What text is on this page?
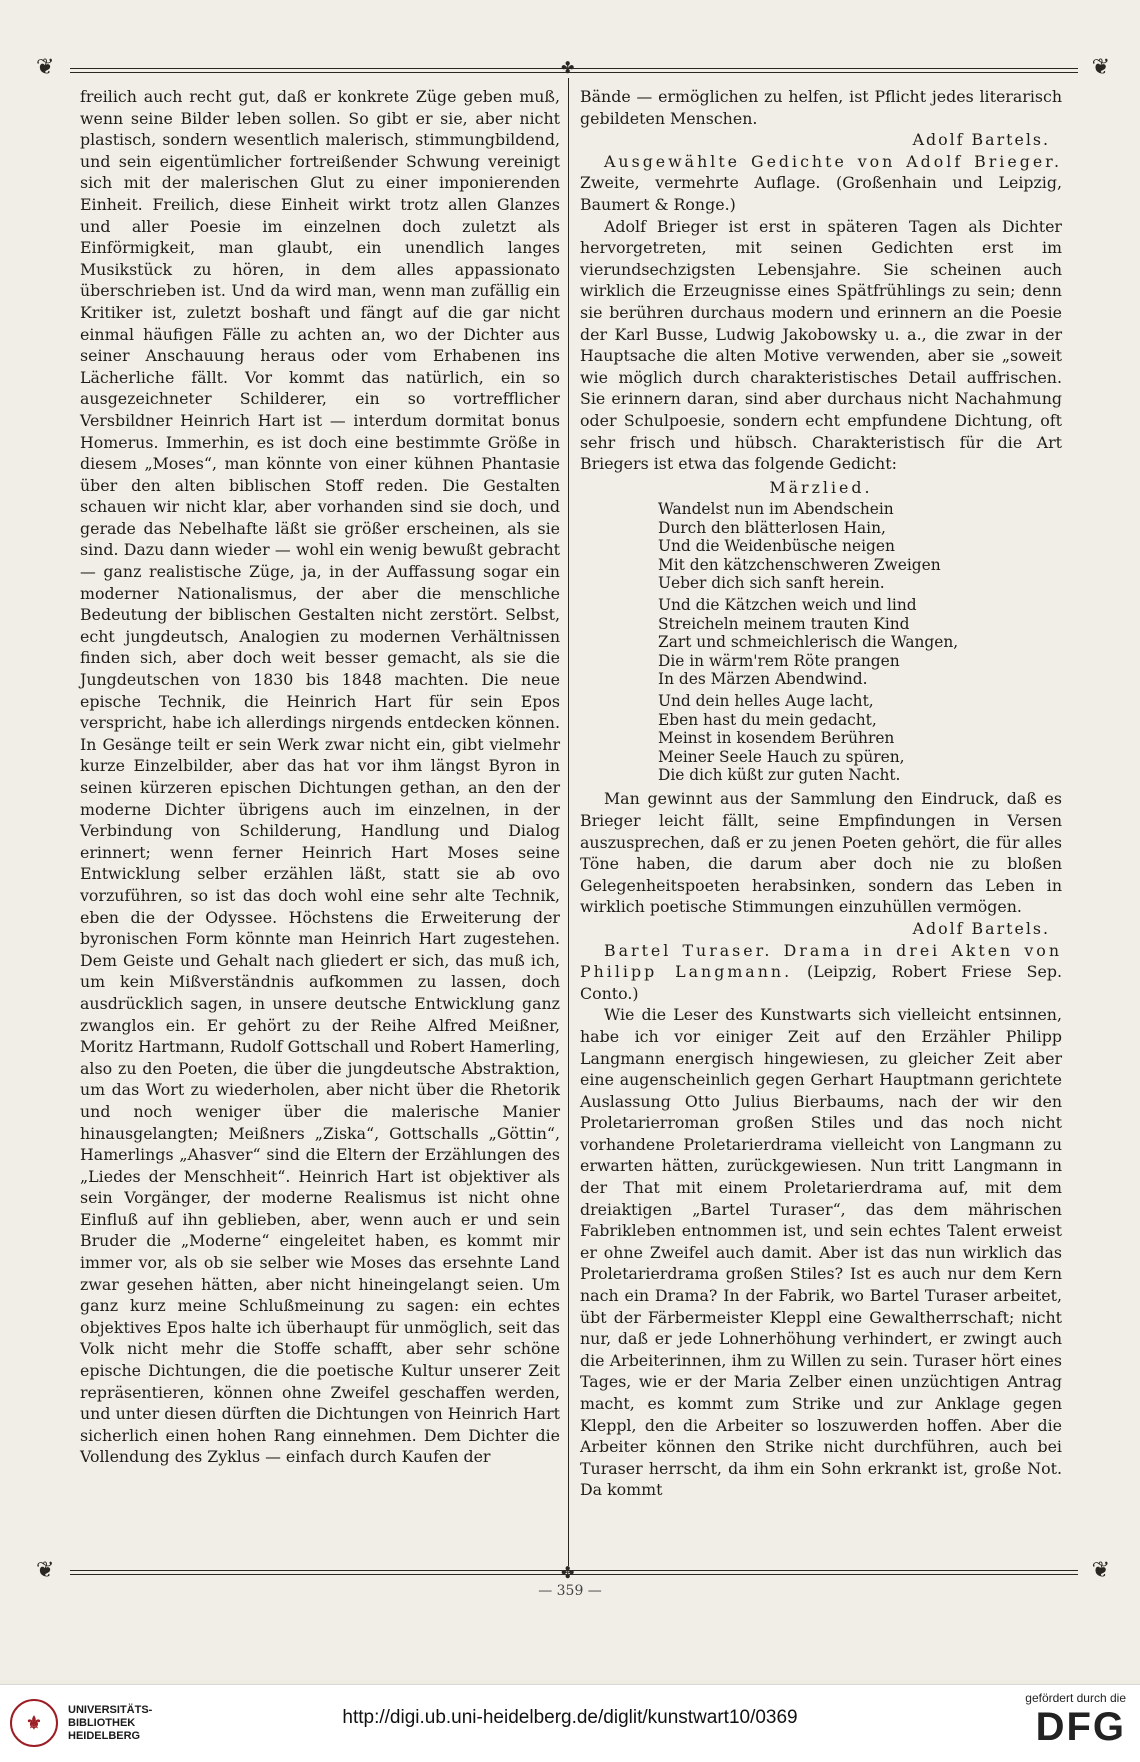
❦	❦
❦	❦
✤
✤

freilich auch recht gut, daß er konkrete Züge geben muß, wenn seine Bilder leben sollen. So gibt er sie, aber nicht plastisch, sondern wesentlich malerisch, stimmungbildend, und sein eigentümlicher fortreißender Schwung vereinigt sich mit der malerischen Glut zu einer imponierenden Einheit. Freilich, diese Einheit wirkt trotz allen Glanzes und aller Poesie im einzelnen doch zuletzt als Einförmigkeit, man glaubt, ein unendlich langes Musikstück zu hören, in dem alles appassionato überschrieben ist. Und da wird man, wenn man zufällig ein Kritiker ist, zuletzt boshaft und fängt auf die gar nicht einmal häufigen Fälle zu achten an, wo der Dichter aus seiner Anschauung heraus oder vom Erhabenen ins Lächerliche fällt. Vor kommt das natürlich, ein so ausgezeichneter Schilderer, ein so vortrefflicher Versbildner Heinrich Hart ist — interdum dormitat bonus Homerus. Immerhin, es ist doch eine bestimmte Größe in diesem „Moses“, man könnte von einer kühnen Phantasie über den alten biblischen Stoff reden. Die Gestalten schauen wir nicht klar, aber vorhanden sind sie doch, und gerade das Nebelhafte läßt sie größer erscheinen, als sie sind. Dazu dann wieder — wohl ein wenig bewußt gebracht — ganz realistische Züge, ja, in der Auffassung sogar ein moderner Nationalismus, der aber die menschliche Bedeutung der biblischen Gestalten nicht zerstört. Selbst, echt jungdeutsch, Analogien zu modernen Verhältnissen finden sich, aber doch weit besser gemacht, als sie die Jungdeutschen von 1830 bis 1848 machten. Die neue epische Technik, die Heinrich Hart für sein Epos verspricht, habe ich allerdings nirgends entdecken können. In Gesänge teilt er sein Werk zwar nicht ein, gibt vielmehr kurze Einzelbilder, aber das hat vor ihm längst Byron in seinen kürzeren epischen Dichtungen gethan, an den der moderne Dichter übrigens auch im einzelnen, in der Verbindung von Schilderung, Handlung und Dialog erinnert; wenn ferner Heinrich Hart Moses seine Entwicklung selber erzählen läßt, statt sie ab ovo vorzuführen, so ist das doch wohl eine sehr alte Technik, eben die der Odyssee. Höchstens die Erweiterung der byronischen Form könnte man Heinrich Hart zugestehen. Dem Geiste und Gehalt nach gliedert er sich, das muß ich, um kein Mißverständnis aufkommen zu lassen, doch ausdrücklich sagen, in unsere deutsche Entwicklung ganz zwanglos ein. Er gehört zu der Reihe Alfred Meißner, Moritz Hartmann, Rudolf Gottschall und Robert Hamerling, also zu den Poeten, die über die jungdeutsche Abstraktion, um das Wort zu wiederholen, aber nicht über die Rhetorik und noch weniger über die malerische Manier hinausgelangten; Meißners „Ziska“, Gottschalls „Göttin“, Hamerlings „Ahasver“ sind die Eltern der Erzählungen des „Liedes der Menschheit“. Heinrich Hart ist objektiver als sein Vorgänger, der moderne Realismus ist nicht ohne Einfluß auf ihn geblieben, aber, wenn auch er und sein Bruder die „Moderne“ eingeleitet haben, es kommt mir immer vor, als ob sie selber wie Moses das ersehnte Land zwar gesehen hätten, aber nicht hineingelangt seien. Um ganz kurz meine Schlußmeinung zu sagen: ein echtes objektives Epos halte ich überhaupt für unmöglich, seit das Volk nicht mehr die Stoffe schafft, aber sehr schöne epische Dichtungen, die die poetische Kultur unserer Zeit repräsentieren, können ohne Zweifel geschaffen werden, und unter diesen dürften die Dichtungen von Heinrich Hart sicherlich einen hohen Rang einnehmen. Dem Dichter die Vollendung des Zyklus — einfach durch Kaufen der

Bände — ermöglichen zu helfen, ist Pflicht jedes literarisch gebildeten Menschen.

Adolf Bartels.

Ausgewählte Gedichte von Adolf Brieger. Zweite, vermehrte Auflage. (Großenhain und Leipzig, Baumert & Ronge.)

Adolf Brieger ist erst in späteren Tagen als Dichter hervorgetreten, mit seinen Gedichten erst im vierundsechzigsten Lebensjahre. Sie scheinen auch wirklich die Erzeugnisse eines Spätfrühlings zu sein; denn sie berühren durchaus modern und erinnern an die Poesie der Karl Busse, Ludwig Jakobowsky u. a., die zwar in der Hauptsache die alten Motive verwenden, aber sie „soweit wie möglich durch charakteristisches Detail auffrischen. Sie erinnern daran, sind aber durchaus nicht Nachahmung oder Schulpoesie, sondern echt empfundene Dichtung, oft sehr frisch und hübsch. Charakteristisch für die Art Briegers ist etwa das folgende Gedicht:

Märzlied.
Wandelst nun im Abendschein
Durch den blätterlosen Hain,
Und die Weidenbüsche neigen
Mit den kätzchenschweren Zweigen
Ueber dich sich sanft herein.
Und die Kätzchen weich und lind
Streicheln meinem trauten Kind
Zart und schmeichlerisch die Wangen,
Die in wärm'rem Röte prangen
In des Märzen Abendwind.
Und dein helles Auge lacht,
Eben hast du mein gedacht,
Meinst in kosendem Berühren
Meiner Seele Hauch zu spüren,
Die dich küßt zur guten Nacht.

Man gewinnt aus der Sammlung den Eindruck, daß es Brieger leicht fällt, seine Empfindungen in Versen auszusprechen, daß er zu jenen Poeten gehört, die für alles Töne haben, die darum aber doch nie zu bloßen Gelegenheitspoeten herabsinken, sondern das Leben in wirklich poetische Stimmungen einzuhüllen vermögen.

Adolf Bartels.

Bartel Turaser. Drama in drei Akten von Philipp Langmann. (Leipzig, Robert Friese Sep. Conto.)

Wie die Leser des Kunstwarts sich vielleicht entsinnen, habe ich vor einiger Zeit auf den Erzähler Philipp Langmann energisch hingewiesen, zu gleicher Zeit aber eine augenscheinlich gegen Gerhart Hauptmann gerichtete Auslassung Otto Julius Bierbaums, nach der wir den Proletarierroman großen Stiles und das noch nicht vorhandene Proletarierdrama vielleicht von Langmann zu erwarten hätten, zurückgewiesen. Nun tritt Langmann in der That mit einem Proletarierdrama auf, mit dem dreiaktigen „Bartel Turaser“, das dem mährischen Fabrikleben entnommen ist, und sein echtes Talent erweist er ohne Zweifel auch damit. Aber ist das nun wirklich das Proletarierdrama großen Stiles? Ist es auch nur dem Kern nach ein Drama? In der Fabrik, wo Bartel Turaser arbeitet, übt der Färbermeister Kleppl eine Gewaltherrschaft; nicht nur, daß er jede Lohnerhöhung verhindert, er zwingt auch die Arbeiterinnen, ihm zu Willen zu sein. Turaser hört eines Tages, wie er der Maria Zelber einen unzüchtigen Antrag macht, es kommt zum Strike und zur Anklage gegen Kleppl, den die Arbeiter so loszuwerden hoffen. Aber die Arbeiter können den Strike nicht durchführen, auch bei Turaser herrscht, da ihm ein Sohn erkrankt ist, große Not. Da kommt

— 359 —
⚜
UNIVERSITÄTS-
BIBLIOTHEK
HEIDELBERG
http://digi.ub.uni-heidelberg.de/diglit/kunstwart10/0369
gefördert durch die
DFG
